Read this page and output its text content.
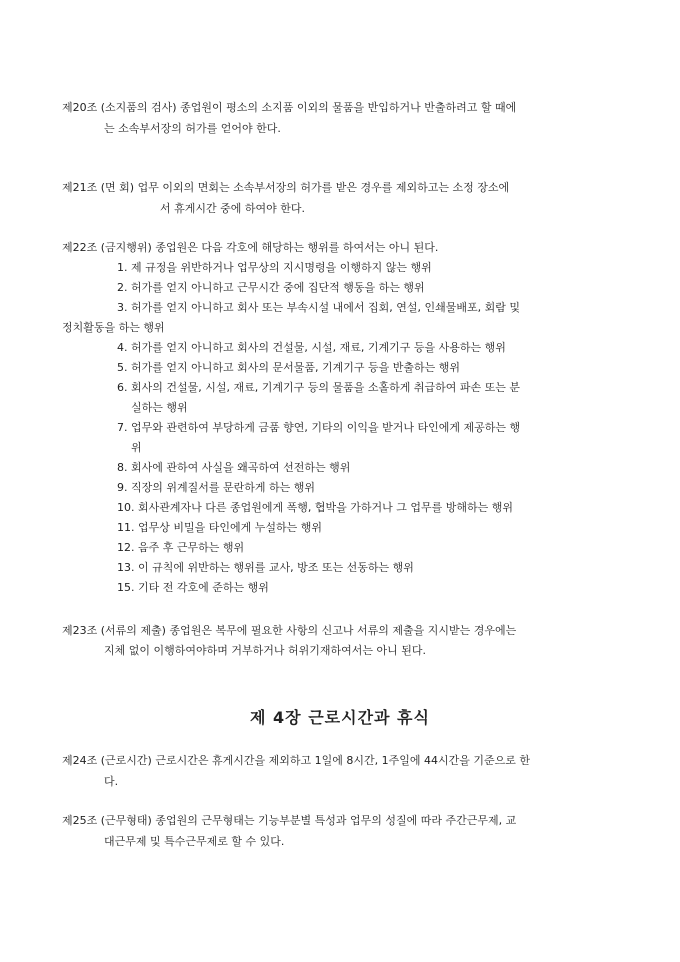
제20조 (소지품의 검사) 종업원이 평소의 소지품 이외의 물품을 반입하거나 반출하려고 할 때에
는 소속부서장의 허가를 얻어야 한다.
제21조 (면 회) 업무 이외의 면회는 소속부서장의 허가를 받은 경우를 제외하고는 소정 장소에
서 휴게시간 중에 하여야 한다.
제22조 (금지행위) 종업원은 다음 각호에 해당하는 행위를 하여서는 아니 된다.
1. 제 규정을 위반하거나 업무상의 지시명령을 이행하지 않는 행위
2. 허가를 얻지 아니하고 근무시간 중에 집단적 행동을 하는 행위
3. 허가를 얻지 아니하고 회사 또는 부속시설 내에서 집회, 연설, 인쇄물배포, 회람 및
정치활동을 하는 행위
4. 허가를 얻지 아니하고 회사의 건설물, 시설, 재료, 기계기구 등을 사용하는 행위
5. 허가를 얻지 아니하고 회사의 문서물품, 기계기구 등을 반출하는 행위
6. 회사의 건설물, 시설, 재료, 기계기구 등의 물품을 소홀하게 취급하여 파손 또는 분
실하는 행위
7. 업무와 관련하여 부당하게 금품 향연, 기타의 이익을 받거나 타인에게 제공하는 행
위
8. 회사에 관하여 사실을 왜곡하여 선전하는 행위
9. 직장의 위계질서를 문란하게 하는 행위
10. 회사관계자나 다른 종업원에게 폭행, 협박을 가하거나 그 업무를 방해하는 행위
11. 업무상 비밀을 타인에게 누설하는 행위
12. 음주 후 근무하는 행위
13. 이 규칙에 위반하는 행위를 교사, 방조 또는 선동하는 행위
15. 기타 전 각호에 준하는 행위
제23조 (서류의 제출) 종업원은 복무에 필요한 사항의 신고나 서류의 제출을 지시받는 경우에는
지체 없이 이행하여야하며 거부하거나 허위기재하여서는 아니 된다.
제 4장 근로시간과 휴식
제24조 (근로시간) 근로시간은 휴게시간을 제외하고 1일에 8시간, 1주일에 44시간을 기준으로 한
다.
제25조 (근무형태) 종업원의 근무형태는 기능부분별 특성과 업무의 성질에 따라 주간근무제, 교
대근무제 및 특수근무제로 할 수 있다.
